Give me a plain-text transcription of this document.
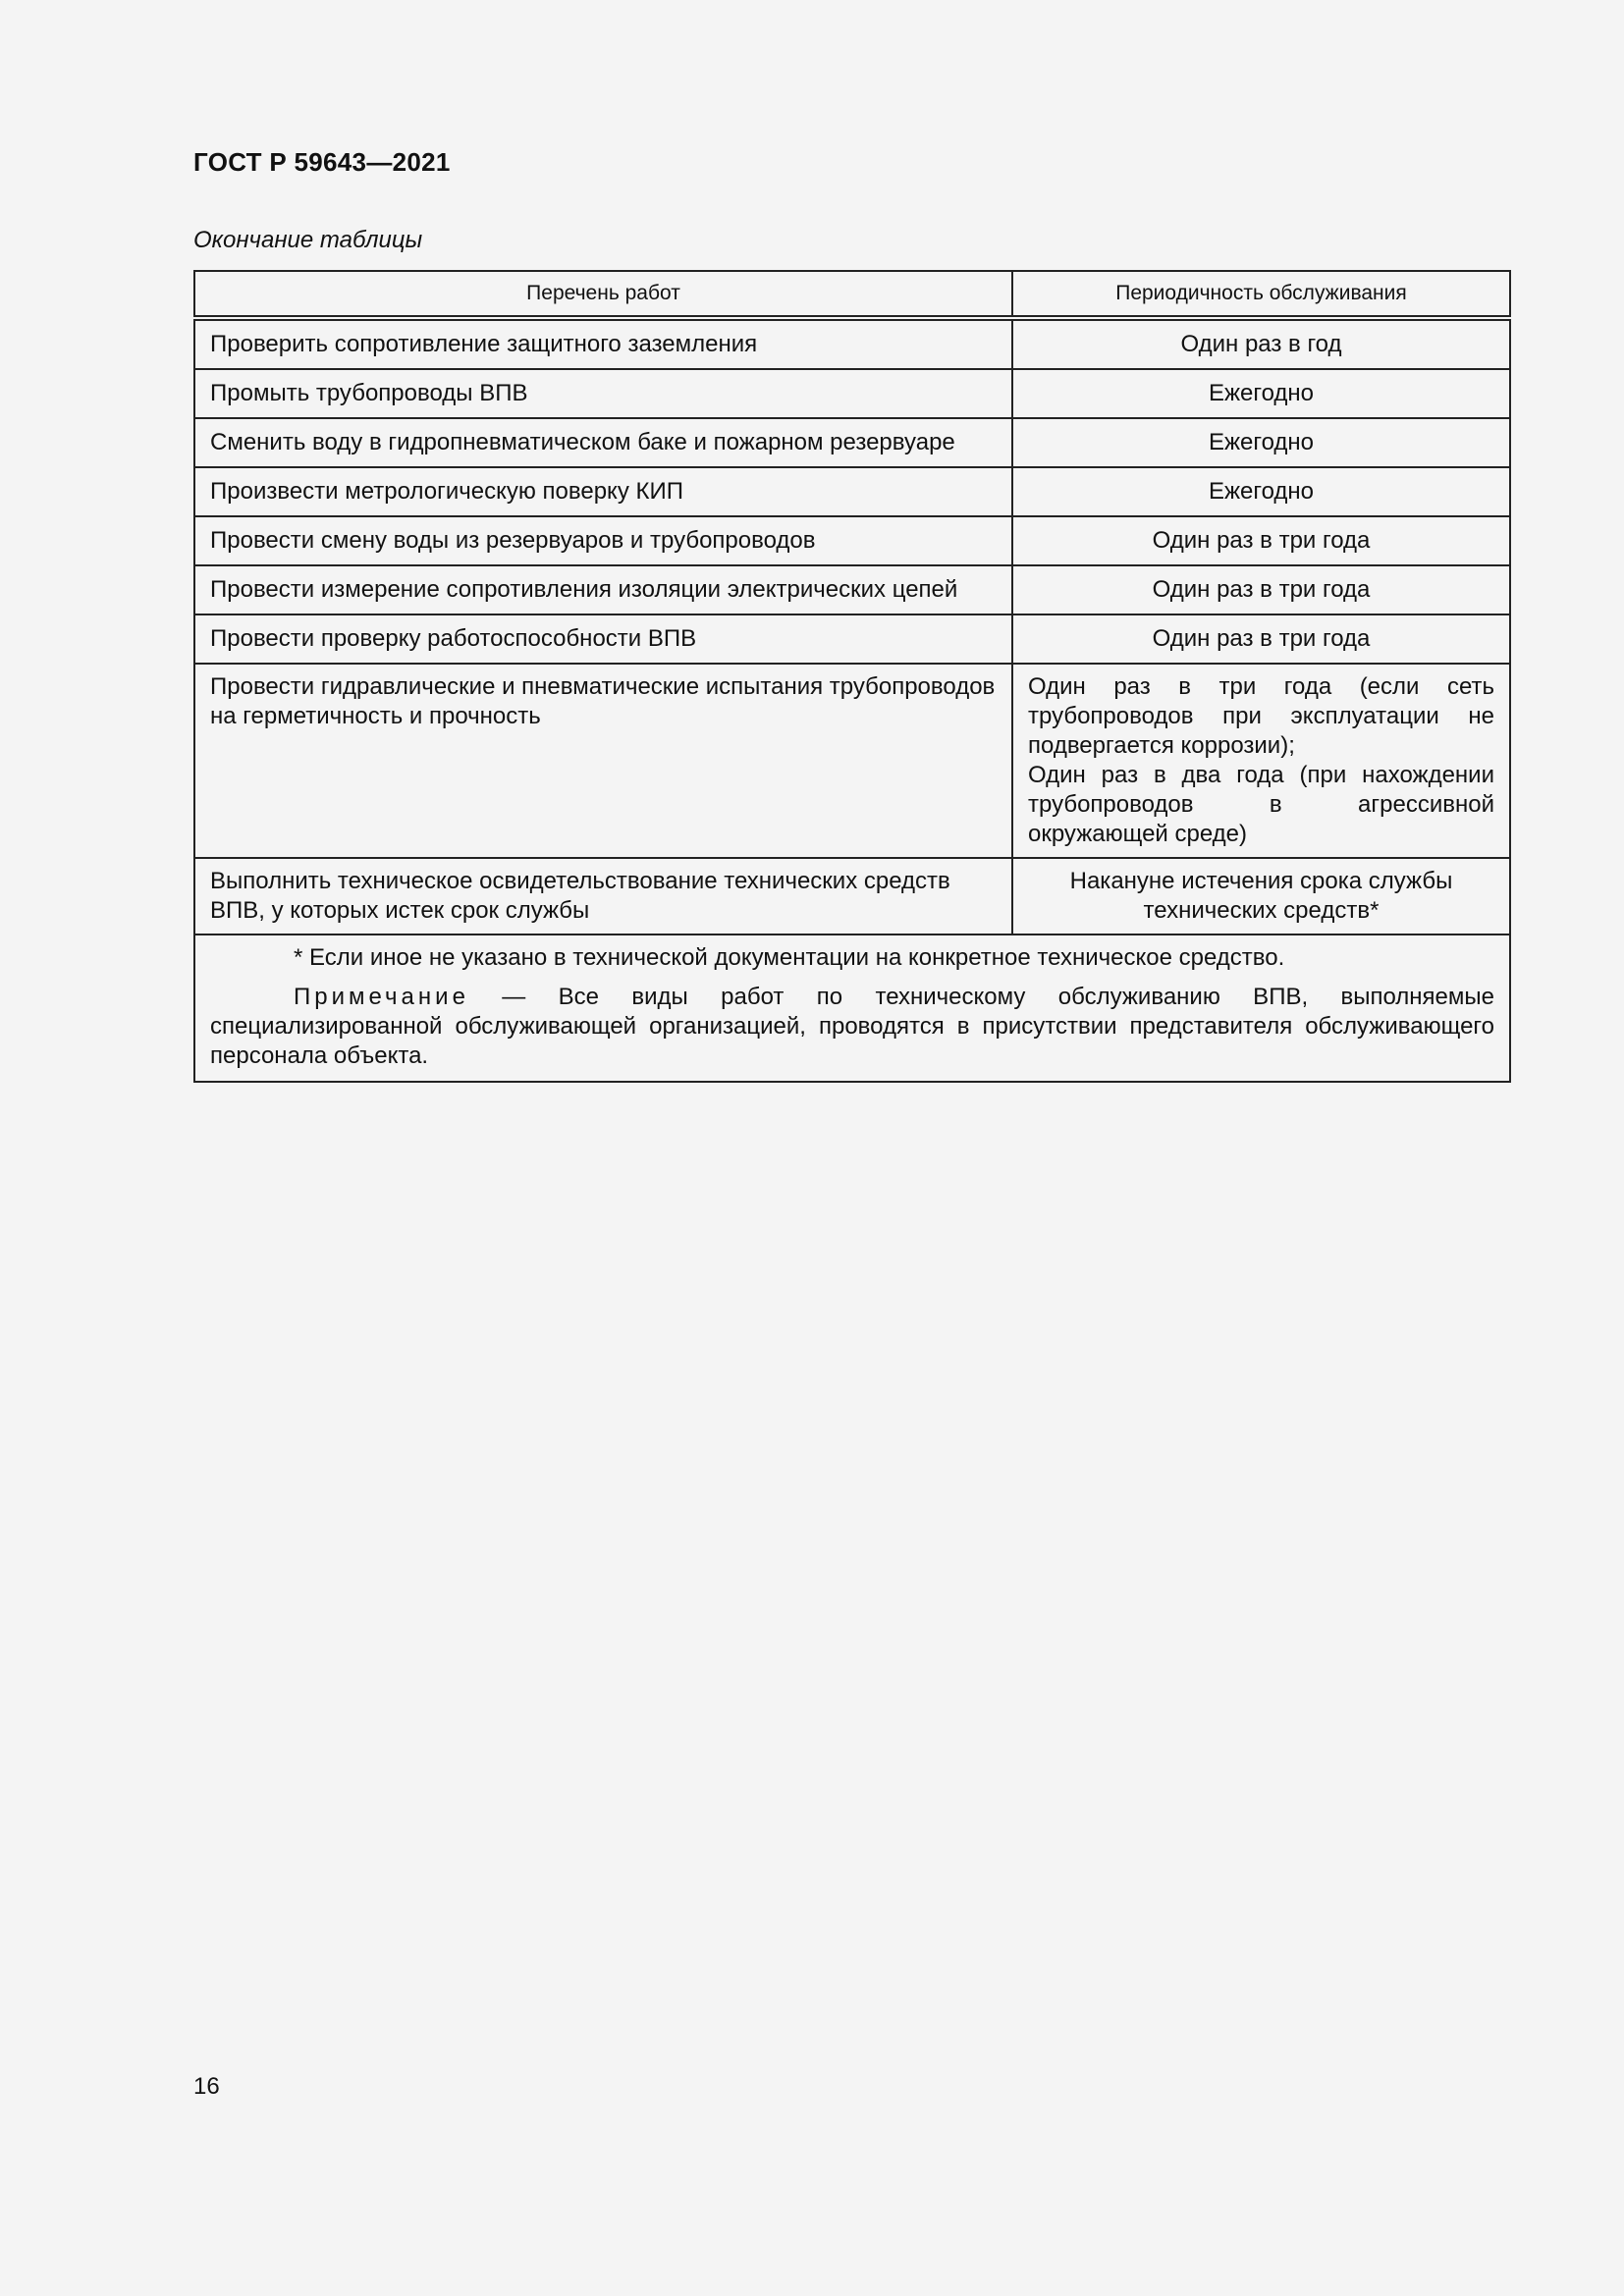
ГОСТ Р 59643—2021
Окончание таблицы
Перечень работ	Периодичность обслуживания
Проверить сопротивление защитного заземления	Один раз в год
Промыть трубопроводы ВПВ	Ежегодно
Сменить воду в гидропневматическом баке и пожарном резервуаре	Ежегодно
Произвести метрологическую поверку КИП	Ежегодно
Провести смену воды из резервуаров и трубопроводов	Один раз в три года
Провести измерение сопротивления изоляции электрических цепей	Один раз в три года
Провести проверку работоспособности ВПВ	Один раз в три года
Провести гидравлические и пневматические испытания трубопроводов на герметичность и прочность	Один раз в три года (если сеть трубопроводов при эксплуатации не подвергается коррозии);
Один раз в два года (при нахождении трубопроводов в агрессивной окружающей среде)

Выполнить техническое освидетельствование технических средств ВПВ, у которых истек срок службы	Накануне истечения срока службы технических средств*

* Если иное не указано в технической документации на конкретное техническое средство.

Примечание — Все виды работ по техническому обслуживанию ВПВ, выполняемые специализированной обслуживающей организацией, проводятся в присутствии представителя обслуживающего персонала объекта.	

16
